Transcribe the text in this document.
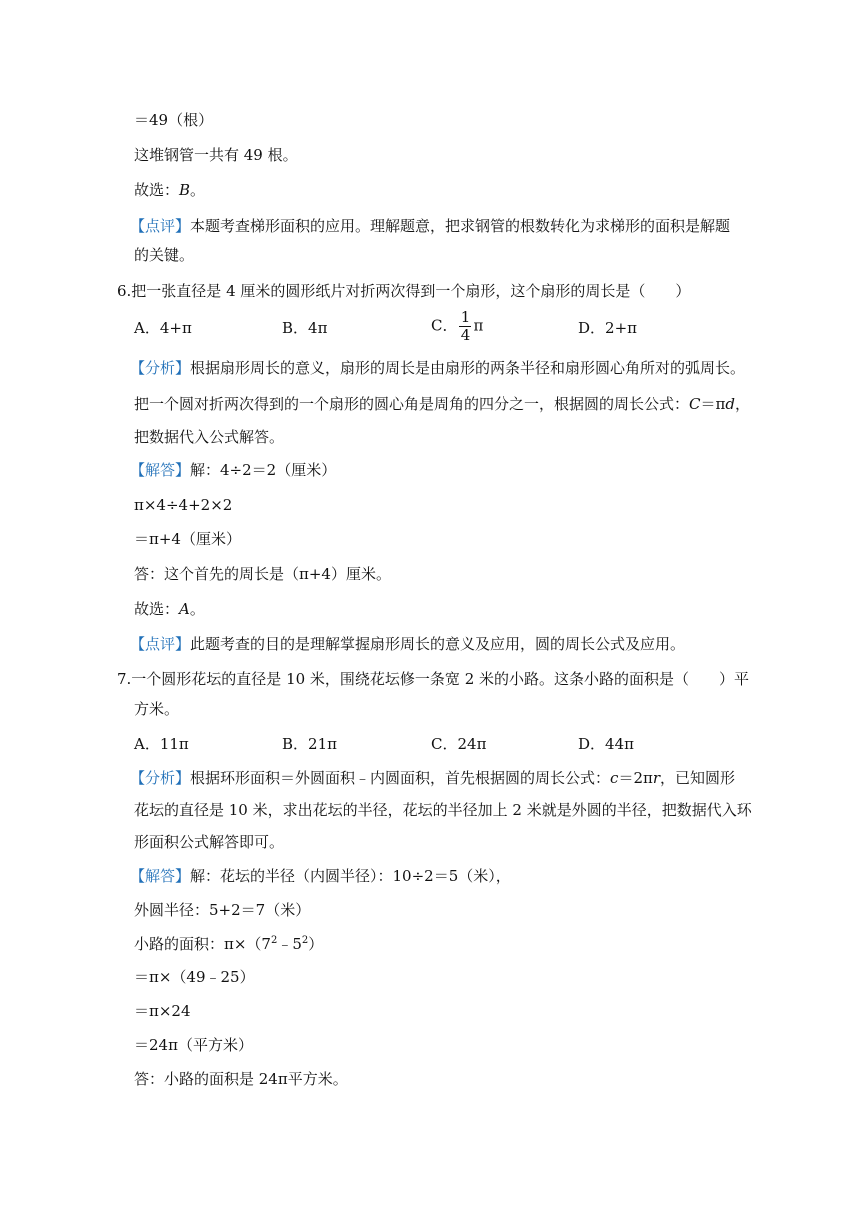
＝49（根）
这堆钢管一共有 49 根。
故选：B。
【点评】本题考查梯形面积的应用。理解题意，把求钢管的根数转化为求梯形的面积是解题
的关键。
6.把一张直径是 4 厘米的圆形纸片对折两次得到一个扇形，这个扇形的周长是（　　）
A．4+π	B．4π	C． $\frac{1}{4}$ π	D．2+π
【分析】根据扇形周长的意义，扇形的周长是由扇形的两条半径和扇形圆心角所对的弧周长。
把一个圆对折两次得到的一个扇形的圆心角是周角的四分之一，根据圆的周长公式：C＝πd，
把数据代入公式解答。
【解答】解：4÷2＝2（厘米）
π×4÷4+2×2
＝π+4（厘米）
答：这个首先的周长是（π+4）厘米。
故选：A。
【点评】此题考查的目的是理解掌握扇形周长的意义及应用，圆的周长公式及应用。
7.一个圆形花坛的直径是 10 米，围绕花坛修一条宽 2 米的小路。这条小路的面积是（　　）平
方米。
A．11π	B．21π	C．24π	D．44π
【分析】根据环形面积＝外圆面积﹣内圆面积，首先根据圆的周长公式：c＝2πr，已知圆形
花坛的直径是 10 米，求出花坛的半径，花坛的半径加上 2 米就是外圆的半径，把数据代入环
形面积公式解答即可。
【解答】解：花坛的半径（内圆半径）：10÷2＝5（米），
外圆半径：5+2＝7（米）
小路的面积：$\pi\times(7^2﹣5^2)$
＝π×（49﹣25）
＝π×24
＝24π（平方米）
答：小路的面积是 24π平方米。
